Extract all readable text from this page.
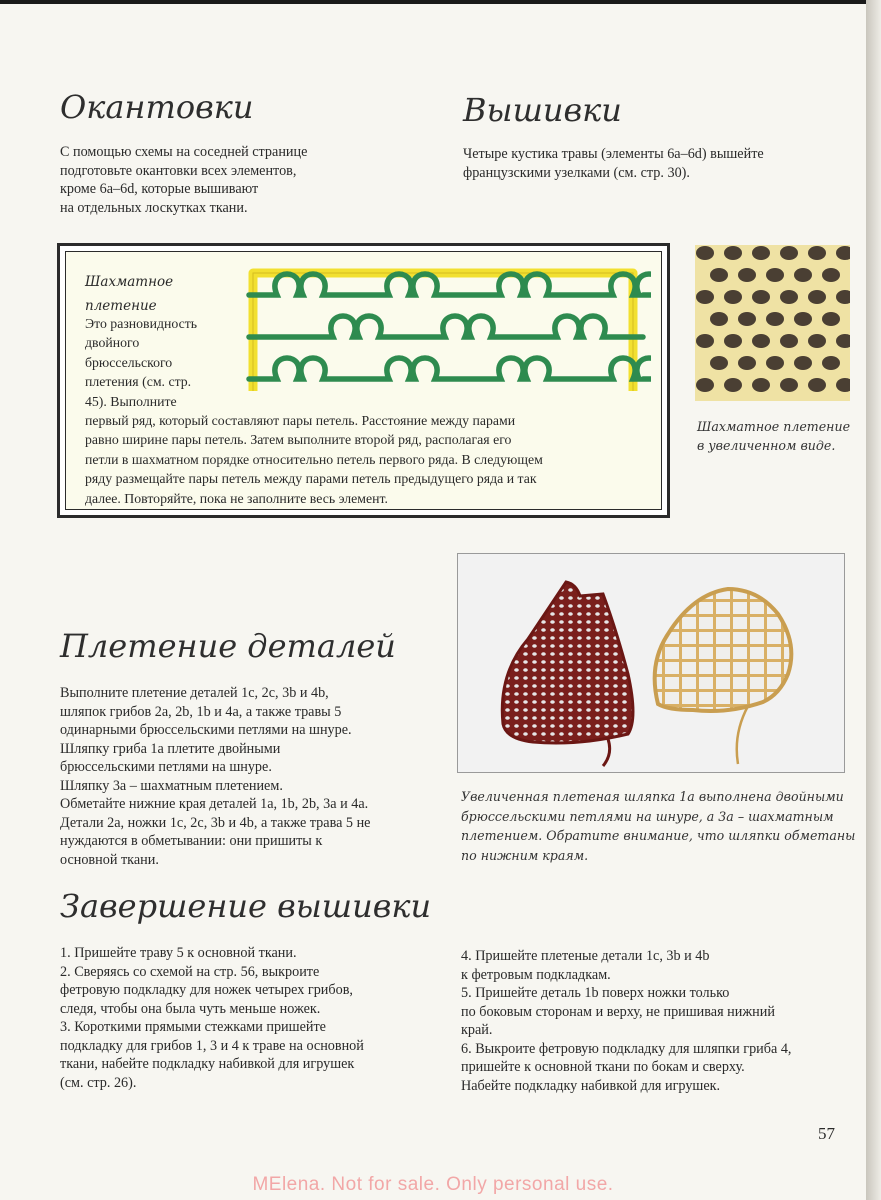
Окантовки

С помощью схемы на соседней странице

подготовьте окантовки всех элементов,

кроме 6a–6d, которые вышивают

на отдельных лоскутках ткани.

Вышивки

Четыре кустика травы (элементы 6a–6d) вышейте

французскими узелками (см. стр. 30).

Шахматное
плетение
Это разновидность
двойного
брюссельского
плетения (см. стр.
45). Выполните
первый ряд, который составляют пары петель. Расстояние между парами
равно ширине пары петель. Затем выполните второй ряд, располагая его
петли в шахматном порядке относительно петель первого ряда. В следующем
ряду размещайте пары петель между парами петель предыдущего ряда и так
далее. Повторяйте, пока не заполните весь элемент.
Шахматное плетение
в увеличенном виде.
Увеличенная плетеная шляпка 1a выполнена двойными
брюссельскими петлями на шнуре, а 3a – шахматным
плетением. Обратите внимание, что шляпки обметаны
по нижним краям.
Плетение деталей

Выполните плетение деталей 1c, 2c, 3b и 4b,

шляпок грибов 2a, 2b, 1b и 4a, а также травы 5

одинарными брюссельскими петлями на шнуре.

Шляпку гриба 1a плетите двойными

брюссельскими петлями на шнуре.

Шляпку 3a – шахматным плетением.

Обметайте нижние края деталей 1a, 1b, 2b, 3a и 4a.

Детали 2a, ножки 1c, 2c, 3b и 4b, а также трава 5 не

нуждаются в обметывании: они пришиты к

основной ткани.

Завершение вышивки

1. Пришейте траву 5 к основной ткани.

2. Сверяясь со схемой на стр. 56, выкроите

фетровую подкладку для ножек четырех грибов,

следя, чтобы она была чуть меньше ножек.

3. Короткими прямыми стежками пришейте

подкладку для грибов 1, 3 и 4 к траве на основной

ткани, набейте подкладку набивкой для игрушек

(см. стр. 26).

4. Пришейте плетеные детали 1c, 3b и 4b

к фетровым подкладкам.

5. Пришейте деталь 1b поверх ножки только

по боковым сторонам и верху, не пришивая нижний

край.

6. Выкроите фетровую подкладку для шляпки гриба 4,

пришейте к основной ткани по бокам и сверху.

Набейте подкладку набивкой для игрушек.

57
MElena. Not for sale. Only personal use.
